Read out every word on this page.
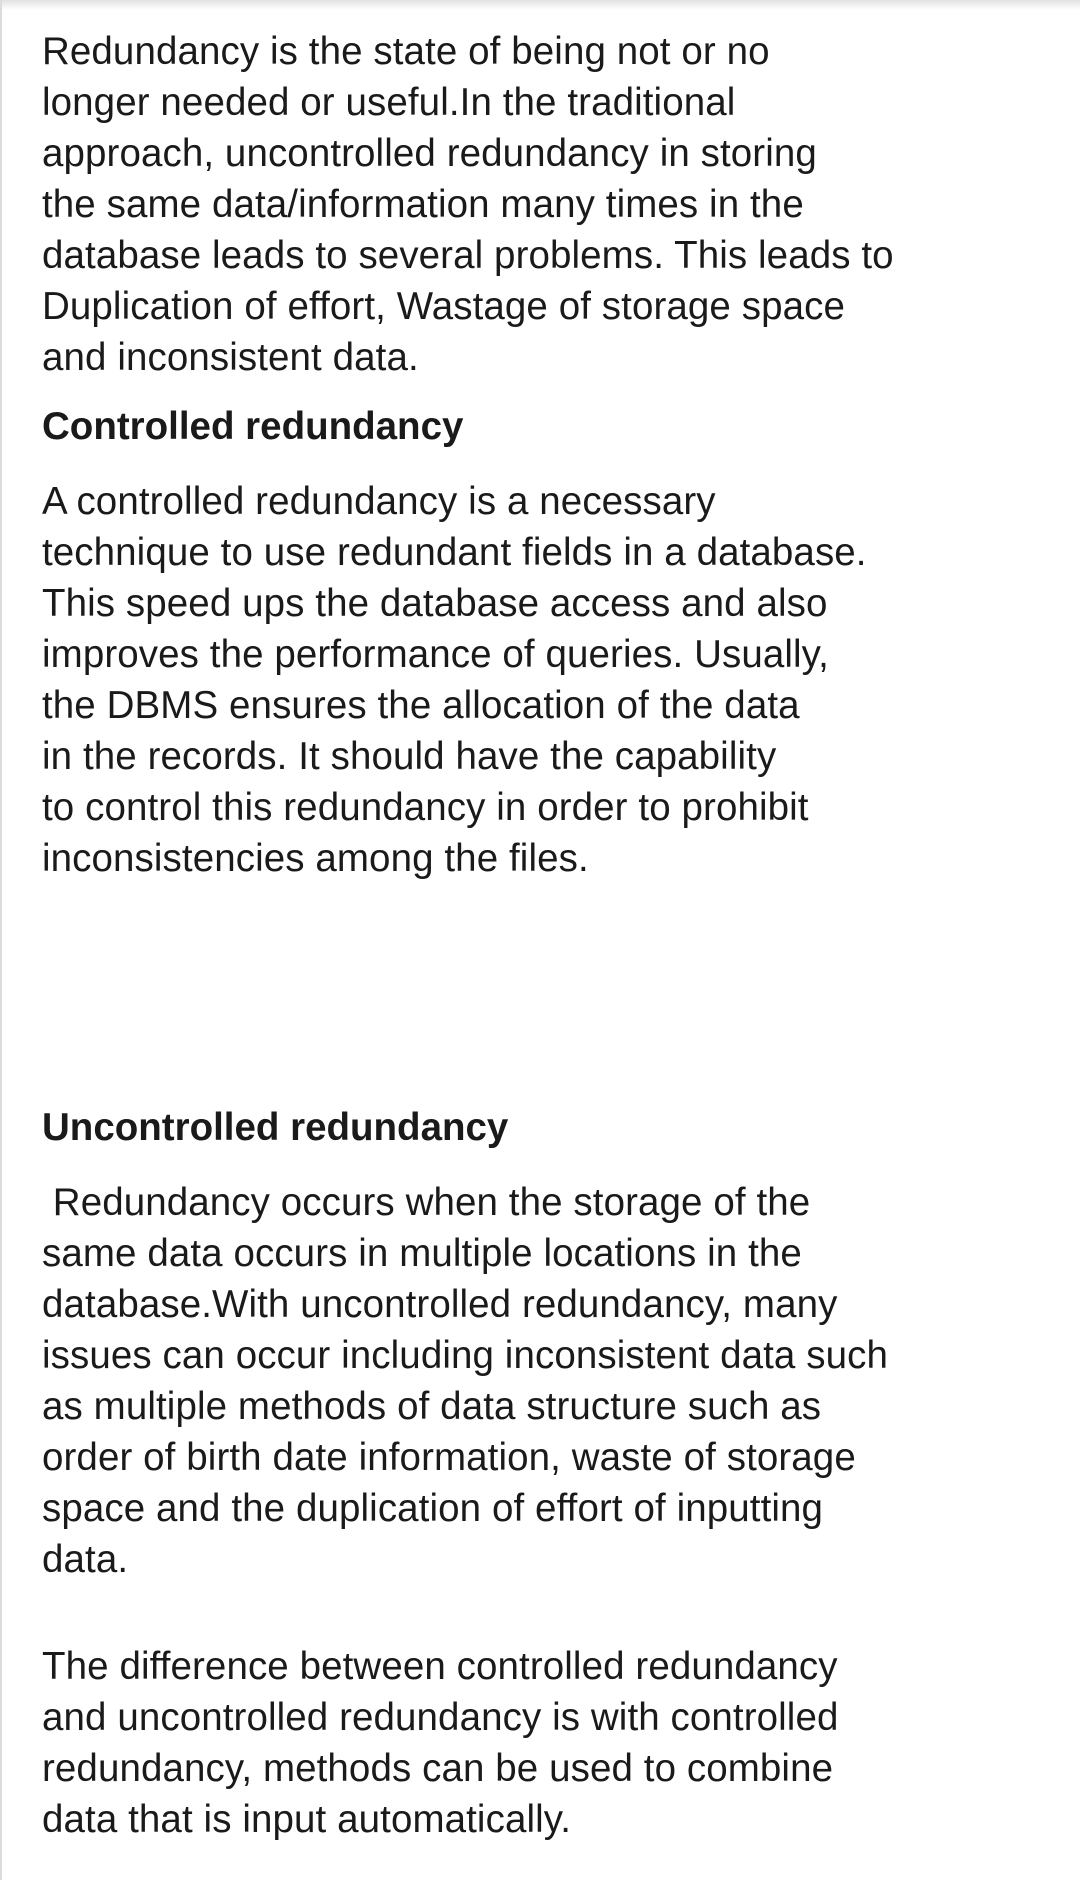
Redundancy is the state of being not or no
longer needed or useful.In the traditional
approach, uncontrolled redundancy in storing
the same data/information many times in the
database leads to several problems. This leads to
Duplication of effort, Wastage of storage space
and inconsistent data.

Controlled redundancy

A controlled redundancy is a necessary
technique to use redundant fields in a database.
This speed ups the database access and also
improves the performance of queries. Usually,
the DBMS ensures the allocation of the data
in the records. It should have the capability
to control this redundancy in order to prohibit
inconsistencies among the files.

Uncontrolled redundancy

Redundancy occurs when the storage of the
same data occurs in multiple locations in the
database.With uncontrolled redundancy, many
issues can occur including inconsistent data such
as multiple methods of data structure such as
order of birth date information, waste of storage
space and the duplication of effort of inputting
data.

The difference between controlled redundancy
and uncontrolled redundancy is with controlled
redundancy, methods can be used to combine
data that is input automatically.
